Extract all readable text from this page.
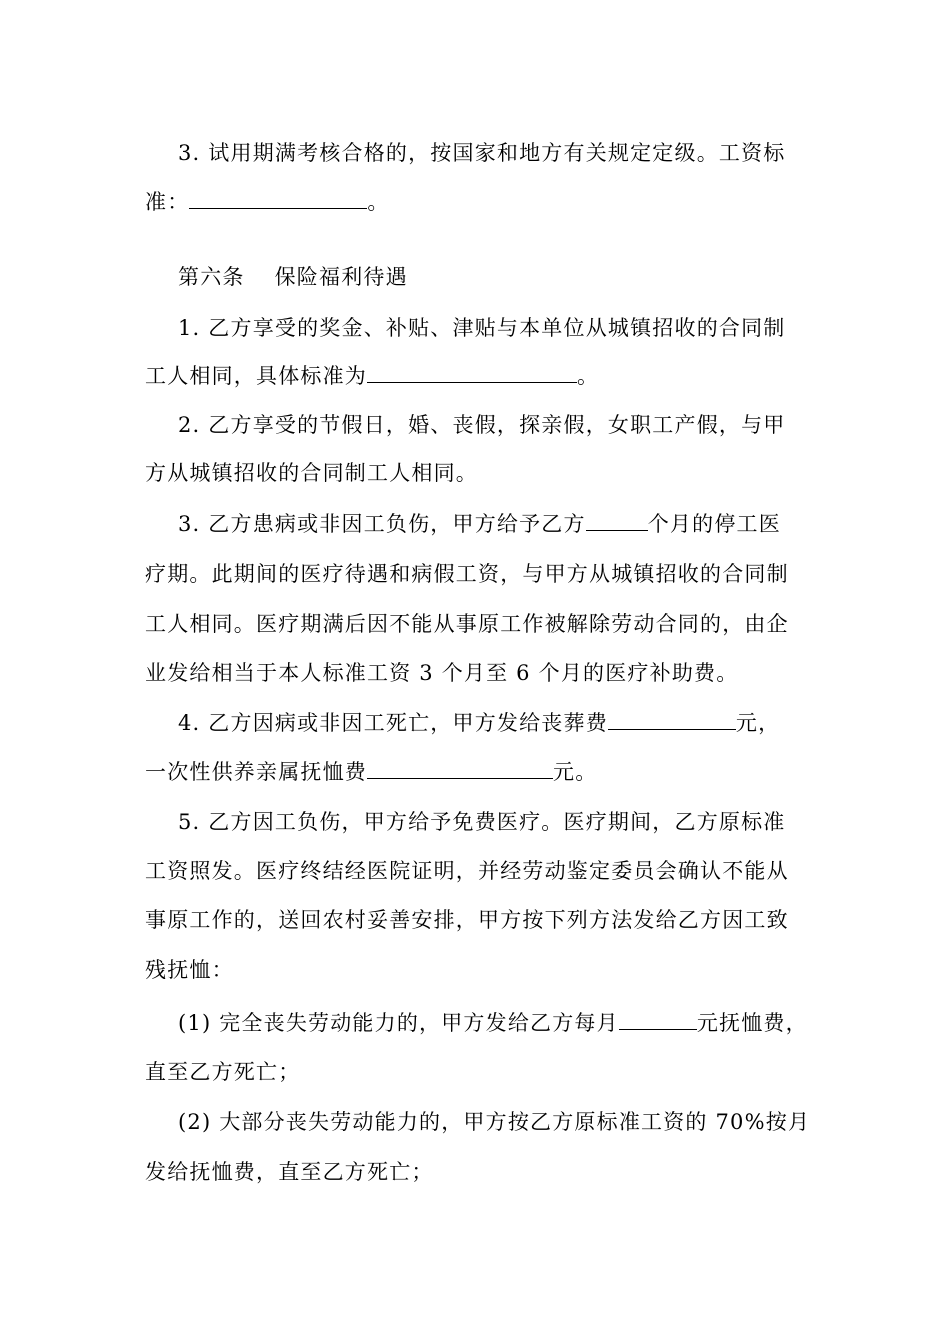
3. 试用期满考核合格的，按国家和地方有关规定定级。工资标
准：	。
第六条 保险福利待遇
1. 乙方享受的奖金、补贴、津贴与本单位从城镇招收的合同制
工人相同，具体标准为	。
2. 乙方享受的节假日，婚、丧假，探亲假，女职工产假，与甲
方从城镇招收的合同制工人相同。
3. 乙方患病或非因工负伤，甲方给予乙方	个月的停工医
疗期。此期间的医疗待遇和病假工资，与甲方从城镇招收的合同制
工人相同。医疗期满后因不能从事原工作被解除劳动合同的，由企
业发给相当于本人标准工资 3 个月至 6 个月的医疗补助费。
4. 乙方因病或非因工死亡，甲方发给丧葬费	元，
一次性供养亲属抚恤费	元。
5. 乙方因工负伤，甲方给予免费医疗。医疗期间，乙方原标准
工资照发。医疗终结经医院证明，并经劳动鉴定委员会确认不能从
事原工作的，送回农村妥善安排，甲方按下列方法发给乙方因工致
残抚恤：
(1) 完全丧失劳动能力的，甲方发给乙方每月	元抚恤费，
直至乙方死亡；
(2) 大部分丧失劳动能力的，甲方按乙方原标准工资的 70%按月
发给抚恤费，直至乙方死亡；
